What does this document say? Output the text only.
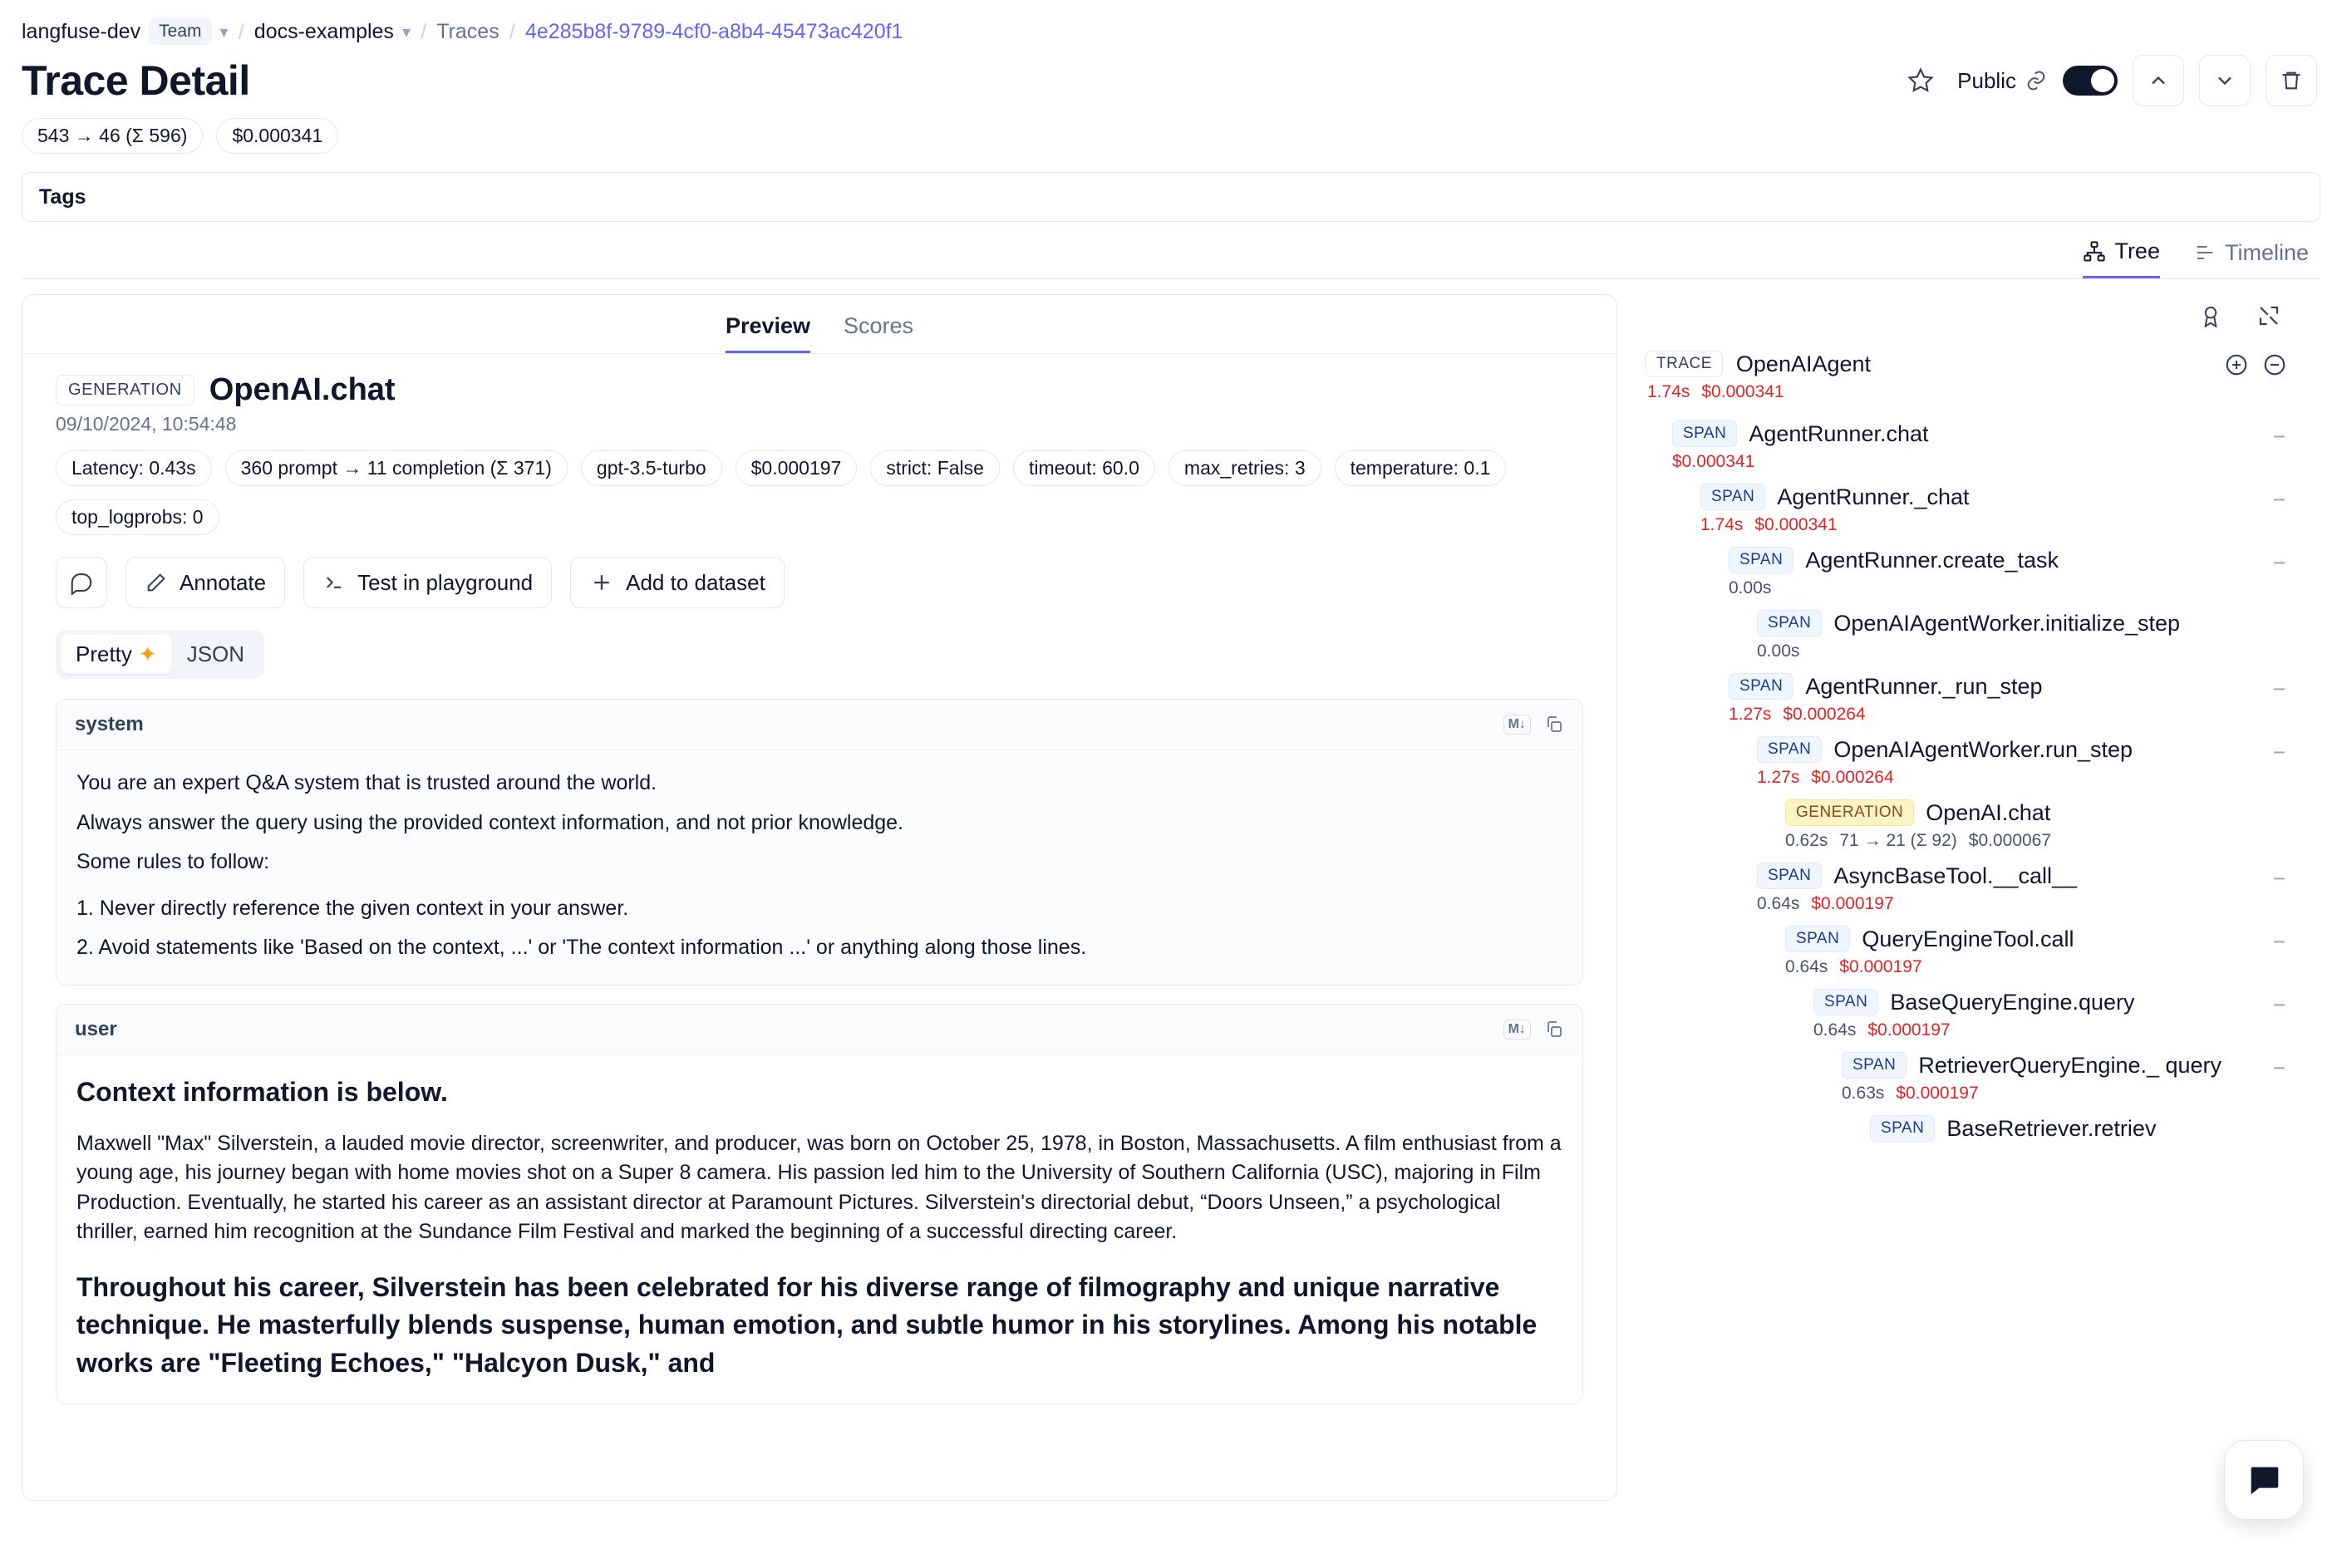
langfuse-dev	Team	▾ / docs-examples ▾ / Traces / 4e285b8f-9789-4cf0-a8b4-45473ac420f1
Trace Detail	Public
543 → 46 (Σ 596)	$0.000341
Tags
Tree	Timeline
Preview Scores
GENERATION OpenAI.chat
09/10/2024, 10:54:48
Latency: 0.43s	360 prompt → 11 completion (Σ 371)	gpt-3.5-turbo	$0.000197	strict: False	timeout: 60.0	max_retries: 3	temperature: 0.1
top_logprobs: 0
Annotate	Test in playground	Add to dataset
Pretty ✦	JSON
system	M↓

You are an expert Q&A system that is trusted around the world.

Always answer the query using the provided context information, and not prior knowledge.

Some rules to follow:

1. Never directly reference the given context in your answer.

2. Avoid statements like 'Based on the context, ...' or 'The context information ...' or anything along those lines.

user	M↓
Context information is below.

Maxwell "Max" Silverstein, a lauded movie director, screenwriter, and producer, was born on October 25, 1978, in Boston, Massachusetts. A film enthusiast from a young age, his journey began with home movies shot on a Super 8 camera. His passion led him to the University of Southern California (USC), majoring in Film Production. Eventually, he started his career as an assistant director at Paramount Pictures. Silverstein's directorial debut, “Doors Unseen,” a psychological thriller, earned him recognition at the Sundance Film Festival and marked the beginning of a successful directing career.

Throughout his career, Silverstein has been celebrated for his diverse range of filmography and unique narrative technique. He masterfully blends suspense, human emotion, and subtle humor in his storylines. Among his notable works are "Fleeting Echoes," "Halcyon Dusk," and
TRACE	OpenAIAgent
1.74s $0.000341
SPAN	AgentRunner.chat
$0.000341
−
SPAN	AgentRunner._chat
1.74s $0.000341
−
SPAN	AgentRunner.create_task
0.00s
−
SPAN	OpenAIAgentWorker.initialize_step
0.00s
SPAN	AgentRunner._run_step
1.27s $0.000264
−
SPAN	OpenAIAgentWorker.run_step
1.27s $0.000264
−
GENERATION	OpenAI.chat
0.62s 71 → 21 (Σ 92) $0.000067
SPAN	AsyncBaseTool.__call__
0.64s $0.000197
−
SPAN	QueryEngineTool.call
0.64s $0.000197
−
SPAN	BaseQueryEngine.query
0.64s $0.000197
−
SPAN	RetrieverQueryEngine._ query
0.63s $0.000197
−
SPAN	BaseRetriever.retriev
